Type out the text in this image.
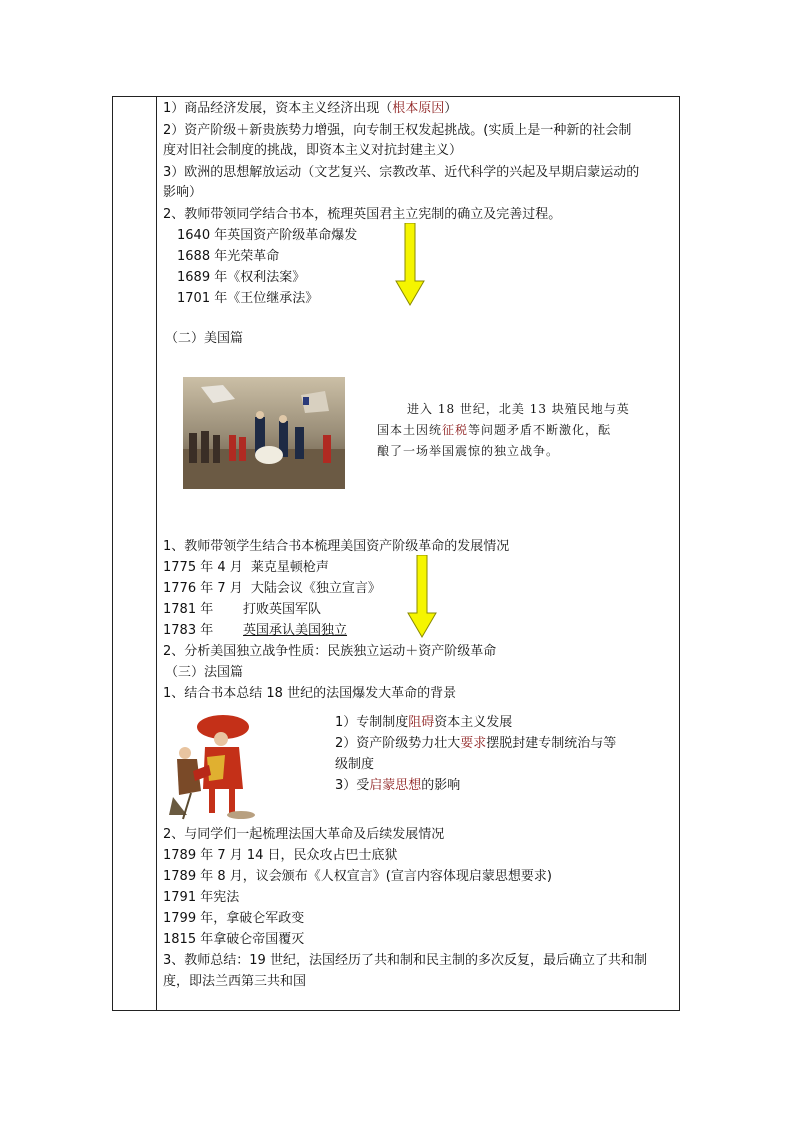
1）商品经济发展，资本主义经济出现（根本原因）
2）资产阶级＋新贵族势力增强，向专制王权发起挑战。(实质上是一种新的社会制
度对旧社会制度的挑战，即资本主义对抗封建主义）
3）欧洲的思想解放运动（文艺复兴、宗教改革、近代科学的兴起及早期启蒙运动的
影响）
2、教师带领同学结合书本，梳理英国君主立宪制的确立及完善过程。
1640 年英国资产阶级革命爆发
1688 年光荣革命
1689 年《权利法案》
1701 年《王位继承法》
（二）美国篇
进入 18 世纪，北美 13 块殖民地与英
国本土因统征税等问题矛盾不断激化，酝
酿了一场举国震惊的独立战争。
1、教师带领学生结合书本梳理美国资产阶级革命的发展情况
1775 年 4 月 莱克星顿枪声
1776 年 7 月 大陆会议《独立宣言》
1781 年 打败英国军队
1783 年 英国承认美国独立
2、分析美国独立战争性质：民族独立运动＋资产阶级革命
（三）法国篇
1、结合书本总结 18 世纪的法国爆发大革命的背景
1）专制制度阻碍资本主义发展
2）资产阶级势力壮大要求摆脱封建专制统治与等
级制度
3）受启蒙思想的影响
2、与同学们一起梳理法国大革命及后续发展情况
1789 年 7 月 14 日，民众攻占巴士底狱
1789 年 8 月，议会颁布《人权宣言》(宣言内容体现启蒙思想要求)
1791 年宪法
1799 年，拿破仑军政变
1815 年拿破仑帝国覆灭
3、教师总结：19 世纪，法国经历了共和制和民主制的多次反复，最后确立了共和制
度，即法兰西第三共和国
